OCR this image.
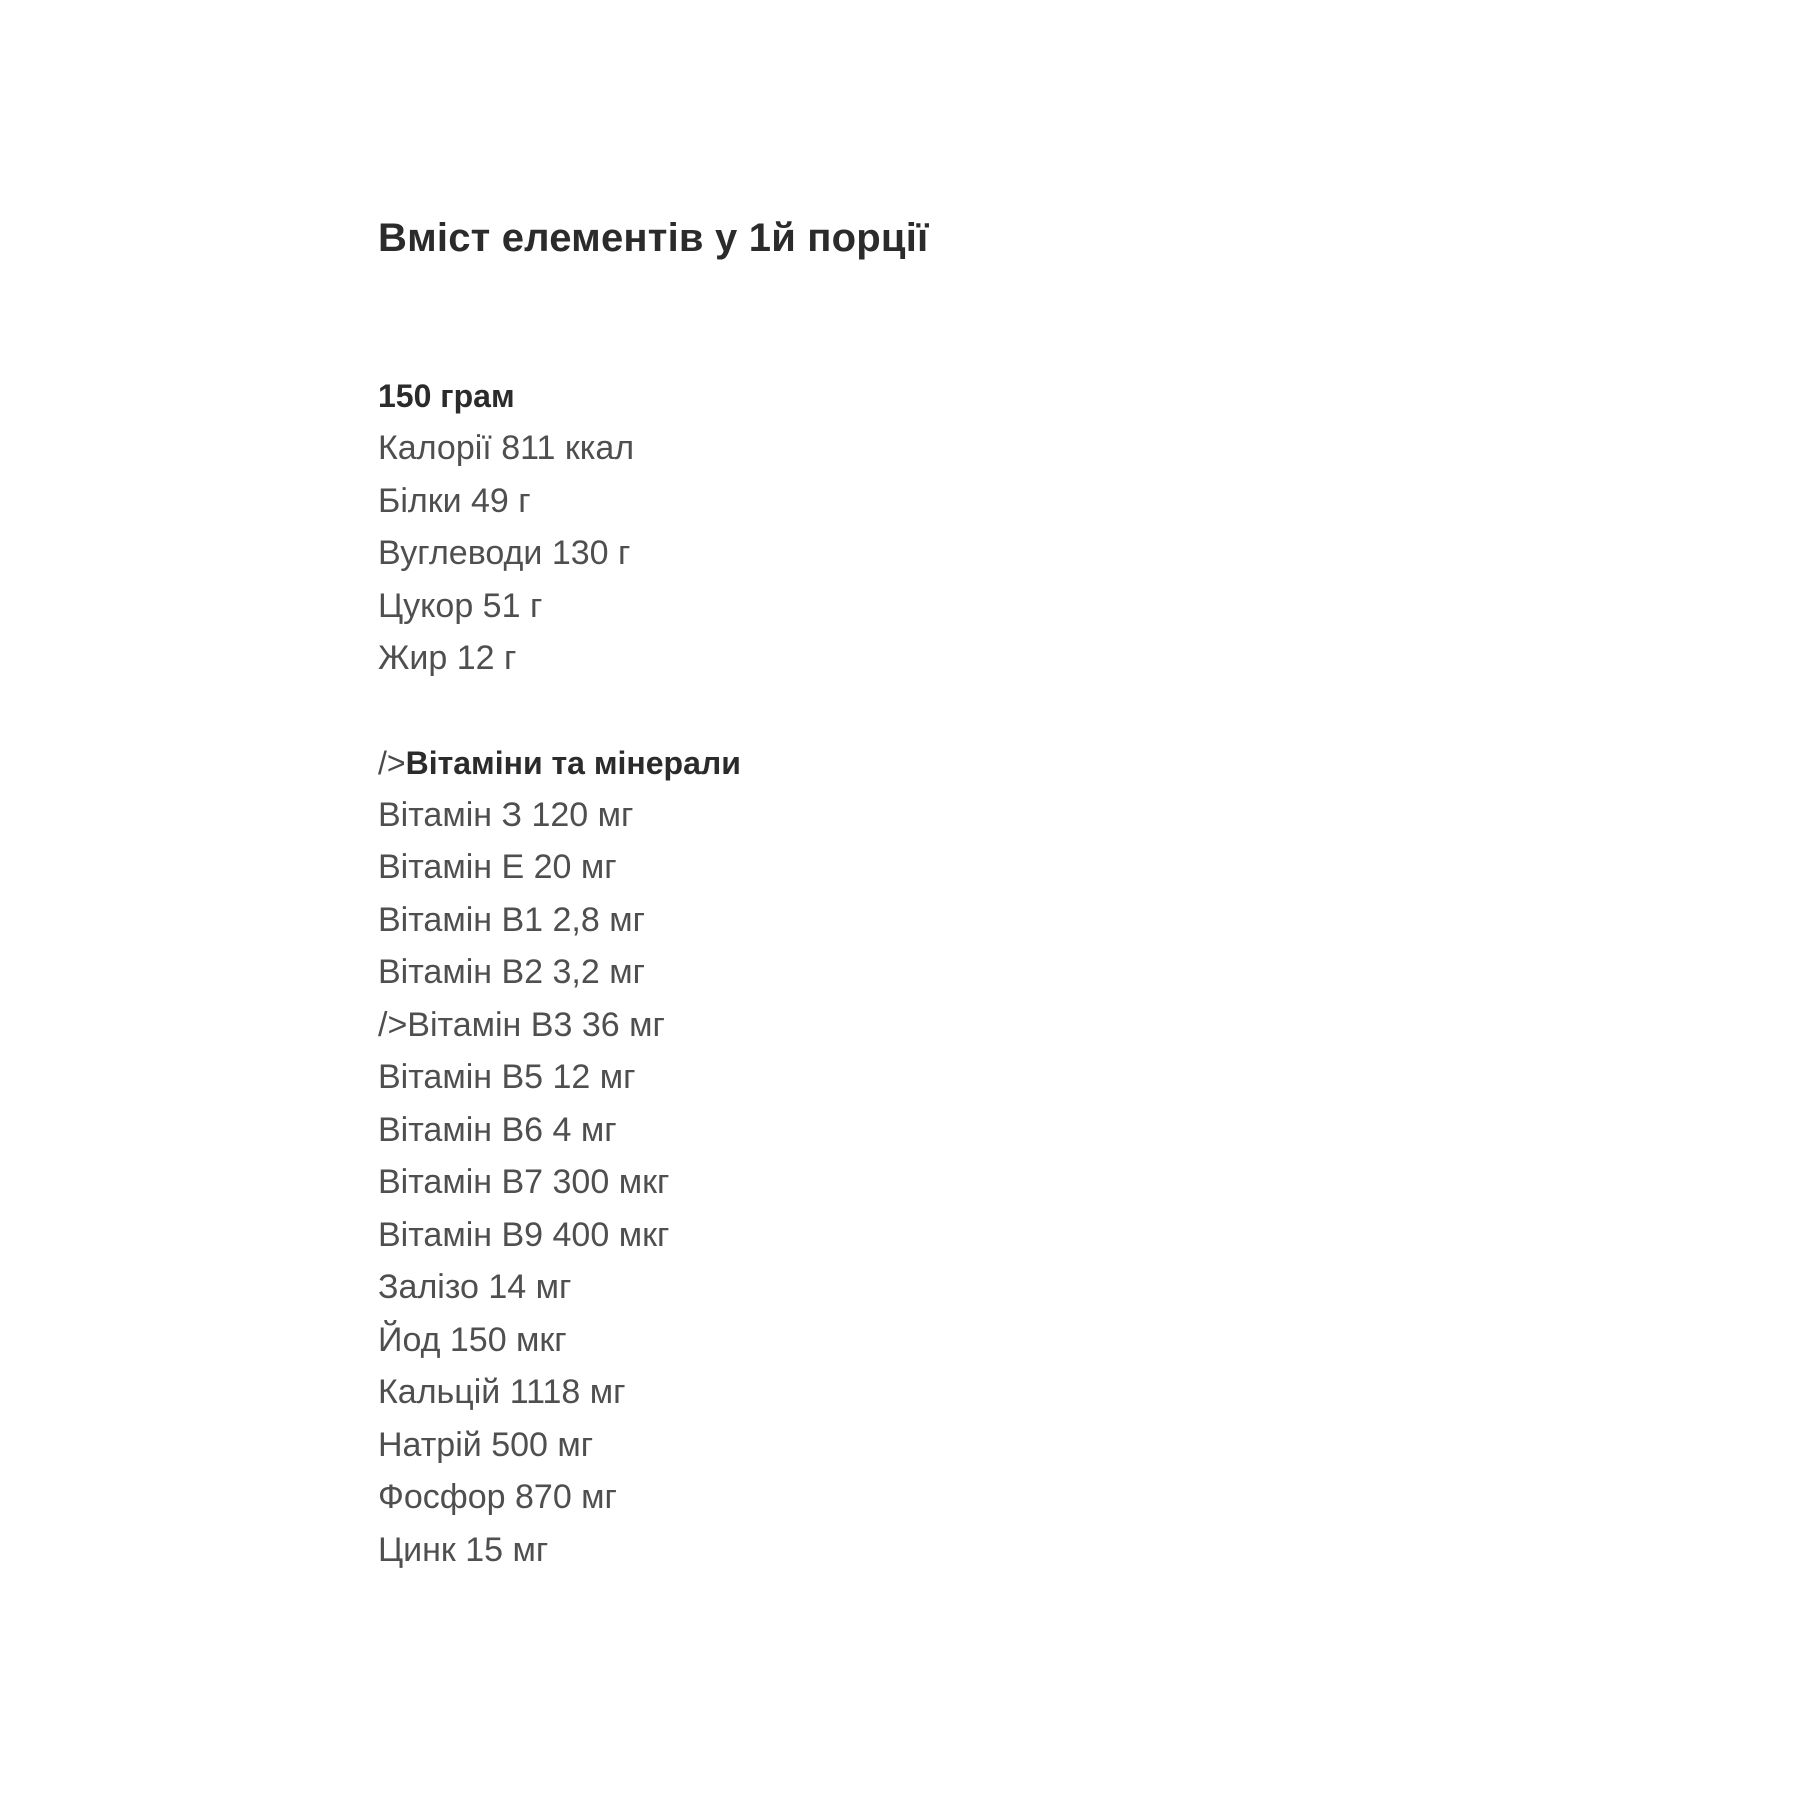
Вміст елементів у 1й порції
150 грам
Калорії 811 ккал
Білки 49 г
Вуглеводи 130 г
Цукор 51 г
Жир 12 г
/>Вітаміни та мінерали
Вітамін З 120 мг
Вітамін Е 20 мг
Вітамін В1 2,8 мг
Вітамін В2 3,2 мг
/>Вітамін В3 36 мг
Вітамін В5 12 мг
Вітамін В6 4 мг
Вітамін В7 300 мкг
Вітамін В9 400 мкг
Залізо 14 мг
Йод 150 мкг
Кальцій 1118 мг
Натрій 500 мг
Фосфор 870 мг
Цинк 15 мг
